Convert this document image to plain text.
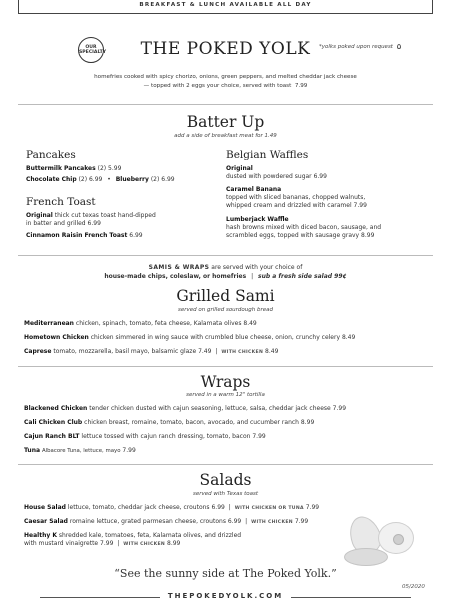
BREAKFAST & LUNCH AVAILABLE ALL DAY
OUR
SPECIALTY	THE POKED YOLK	*yolks poked upon request
homefries cooked with spicy chorizo, onions, green peppers, and melted cheddar jack cheese
— topped with 2 eggs your choice, served with toast 7.99
Batter Up
add a side of breakfast meat for 1.49
Pancakes
Buttermilk Pancakes (2) 5.99
Chocolate Chip (2) 6.99 • Blueberry (2) 6.99
French Toast
Original thick cut texas toast hand-dipped
in batter and grilled 6.99
Cinnamon Raisin French Toast 6.99
Belgian Waffles
Original
dusted with powdered sugar 6.99
Caramel Banana
topped with sliced bananas, chopped walnuts,
whipped cream and drizzled with caramel 7.99
Lumberjack Waffle
hash browns mixed with diced bacon, sausage, and
scrambled eggs, topped with sausage gravy 8.99
SAMIS & WRAPS are served with your choice of
house-made chips, coleslaw, or homefries | sub a fresh side salad 99¢
Grilled Sami
served on grilled sourdough bread
Mediterranean chicken, spinach, tomato, feta cheese, Kalamata olives 8.49
Hometown Chicken chicken simmered in wing sauce with crumbled blue cheese, onion, crunchy celery 8.49
Caprese tomato, mozzarella, basil mayo, balsamic glaze 7.49 | WITH CHICKEN 8.49
Wraps
served in a warm 12" tortilla
Blackened Chicken tender chicken dusted with cajun seasoning, lettuce, salsa, cheddar jack cheese 7.99
Cali Chicken Club chicken breast, romaine, tomato, bacon, avocado, and cucumber ranch 8.99
Cajun Ranch BLT lettuce tossed with cajun ranch dressing, tomato, bacon 7.99
Tuna Albacore Tuna, lettuce, mayo 7.99
Salads
served with Texas toast
House Salad lettuce, tomato, cheddar jack cheese, croutons 6.99 | WITH CHICKEN OR TUNA 7.99
Caesar Salad romaine lettuce, grated parmesan cheese, croutons 6.99 | WITH CHICKEN 7.99
Healthy K shredded kale, tomatoes, feta, Kalamata olives, and drizzled
with mustard vinaigrette 7.99 | WITH CHICKEN 8.99
“See the sunny side at The Poked Yolk.”
05/2020
THEPOKEDYOLK.COM
